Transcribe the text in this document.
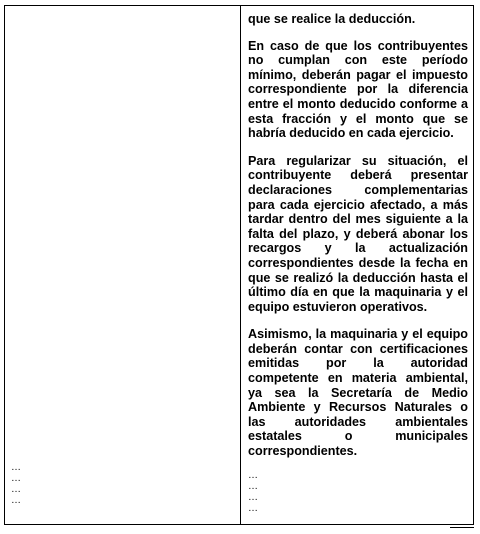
…
…
…
…

que se realice la deducción.

En caso de que los contribuyentes no cumplan con este período mínimo, deberán pagar el impuesto correspondiente por la diferencia entre el monto deducido conforme a esta fracción y el monto que se habría deducido en cada ejercicio.

Para regularizar su situación, el contribuyente deberá presentar declaraciones complementarias para cada ejercicio afectado, a más tardar dentro del mes siguiente a la falta del plazo, y deberá abonar los recargos y la actualización correspondientes desde la fecha en que se realizó la deducción hasta el último día en que la maquinaria y el equipo estuvieron operativos.

Asimismo, la maquinaria y el equipo deberán contar con certificaciones emitidas por la autoridad competente en materia ambiental, ya sea la Secretaría de Medio Ambiente y Recursos Naturales o las autoridades ambientales estatales o municipales correspondientes.

…
…
…
…
